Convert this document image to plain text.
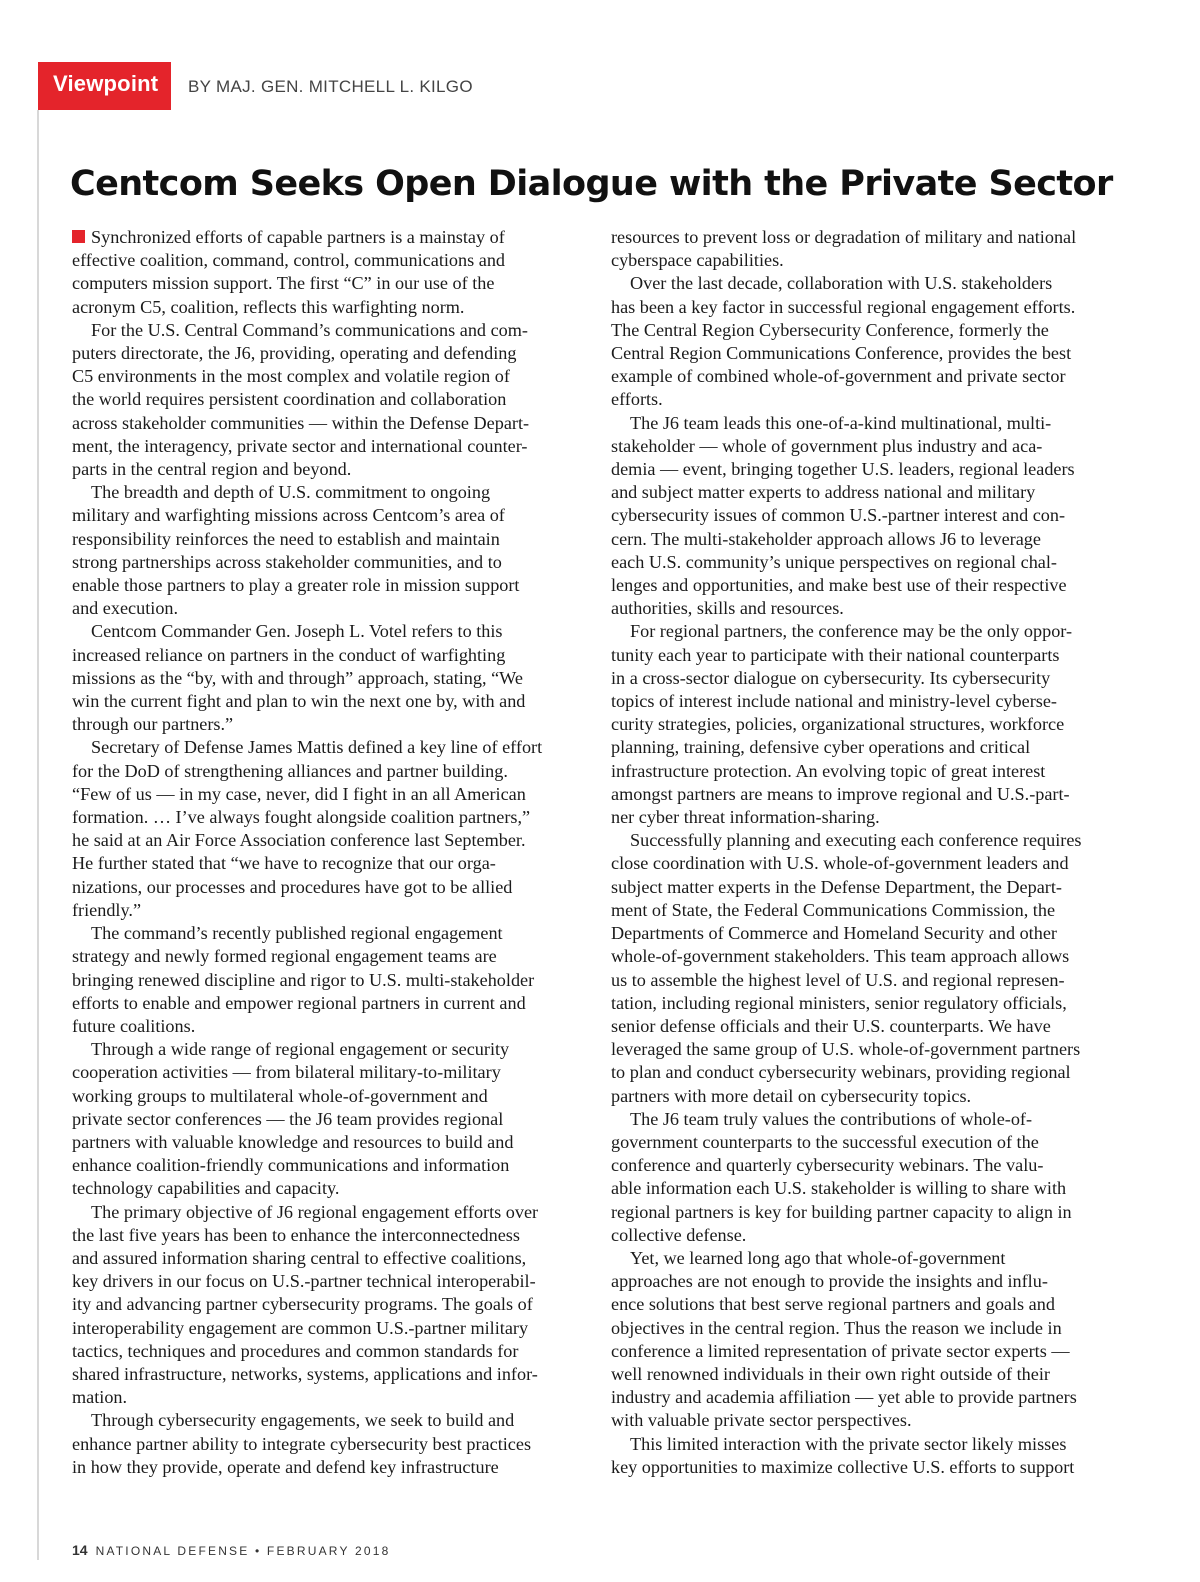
Viewpoint BY MAJ. GEN. MITCHELL L. KILGO
Centcom Seeks Open Dialogue with the Private Sector

Synchronized efforts of capable partners is a mainstay of

effective coalition, command, control, communications and

computers mission support. The first “C” in our use of the

acronym C5, coalition, reflects this warfighting norm.

For the U.S. Central Command’s communications and com-

puters directorate, the J6, providing, operating and defending

C5 environments in the most complex and volatile region of

the world requires persistent coordination and collaboration

across stakeholder communities — within the Defense Depart-

ment, the interagency, private sector and international counter-

parts in the central region and beyond.

The breadth and depth of U.S. commitment to ongoing

military and warfighting missions across Centcom’s area of

responsibility reinforces the need to establish and maintain

strong partnerships across stakeholder communities, and to

enable those partners to play a greater role in mission support

and execution.

Centcom Commander Gen. Joseph L. Votel refers to this

increased reliance on partners in the conduct of warfighting

missions as the “by, with and through” approach, stating, “We

win the current fight and plan to win the next one by, with and

through our partners.”

Secretary of Defense James Mattis defined a key line of effort

for the DoD of strengthening alliances and partner building.

“Few of us — in my case, never, did I fight in an all American

formation. … I’ve always fought alongside coalition partners,”

he said at an Air Force Association conference last September.

He further stated that “we have to recognize that our orga-

nizations, our processes and procedures have got to be allied

friendly.”

The command’s recently published regional engagement

strategy and newly formed regional engagement teams are

bringing renewed discipline and rigor to U.S. multi-stakeholder

efforts to enable and empower regional partners in current and

future coalitions.

Through a wide range of regional engagement or security

cooperation activities — from bilateral military-to-military

working groups to multilateral whole-of-government and

private sector conferences — the J6 team provides regional

partners with valuable knowledge and resources to build and

enhance coalition-friendly communications and information

technology capabilities and capacity.

The primary objective of J6 regional engagement efforts over

the last five years has been to enhance the interconnectedness

and assured information sharing central to effective coalitions,

key drivers in our focus on U.S.-partner technical interoperabil-

ity and advancing partner cybersecurity programs. The goals of

interoperability engagement are common U.S.-partner military

tactics, techniques and procedures and common standards for

shared infrastructure, networks, systems, applications and infor-

mation.

Through cybersecurity engagements, we seek to build and

enhance partner ability to integrate cybersecurity best practices

in how they provide, operate and defend key infrastructure

resources to prevent loss or degradation of military and national

cyberspace capabilities.

Over the last decade, collaboration with U.S. stakeholders

has been a key factor in successful regional engagement efforts.

The Central Region Cybersecurity Conference, formerly the

Central Region Communications Conference, provides the best

example of combined whole-of-government and private sector

efforts.

The J6 team leads this one-of-a-kind multinational, multi-

stakeholder — whole of government plus industry and aca-

demia — event, bringing together U.S. leaders, regional leaders

and subject matter experts to address national and military

cybersecurity issues of common U.S.-partner interest and con-

cern. The multi-stakeholder approach allows J6 to leverage

each U.S. community’s unique perspectives on regional chal-

lenges and opportunities, and make best use of their respective

authorities, skills and resources.

For regional partners, the conference may be the only oppor-

tunity each year to participate with their national counterparts

in a cross-sector dialogue on cybersecurity. Its cybersecurity

topics of interest include national and ministry-level cyberse-

curity strategies, policies, organizational structures, workforce

planning, training, defensive cyber operations and critical

infrastructure protection. An evolving topic of great interest

amongst partners are means to improve regional and U.S.-part-

ner cyber threat information-sharing.

Successfully planning and executing each conference requires

close coordination with U.S. whole-of-government leaders and

subject matter experts in the Defense Department, the Depart-

ment of State, the Federal Communications Commission, the

Departments of Commerce and Homeland Security and other

whole-of-government stakeholders. This team approach allows

us to assemble the highest level of U.S. and regional represen-

tation, including regional ministers, senior regulatory officials,

senior defense officials and their U.S. counterparts. We have

leveraged the same group of U.S. whole-of-government partners

to plan and conduct cybersecurity webinars, providing regional

partners with more detail on cybersecurity topics.

The J6 team truly values the contributions of whole-of-

government counterparts to the successful execution of the

conference and quarterly cybersecurity webinars. The valu-

able information each U.S. stakeholder is willing to share with

regional partners is key for building partner capacity to align in

collective defense.

Yet, we learned long ago that whole-of-government

approaches are not enough to provide the insights and influ-

ence solutions that best serve regional partners and goals and

objectives in the central region. Thus the reason we include in

conference a limited representation of private sector experts —

well renowned individuals in their own right outside of their

industry and academia affiliation — yet able to provide partners

with valuable private sector perspectives.

This limited interaction with the private sector likely misses

key opportunities to maximize collective U.S. efforts to support

14 NATIONAL DEFENSE • FEBRUARY 2018
